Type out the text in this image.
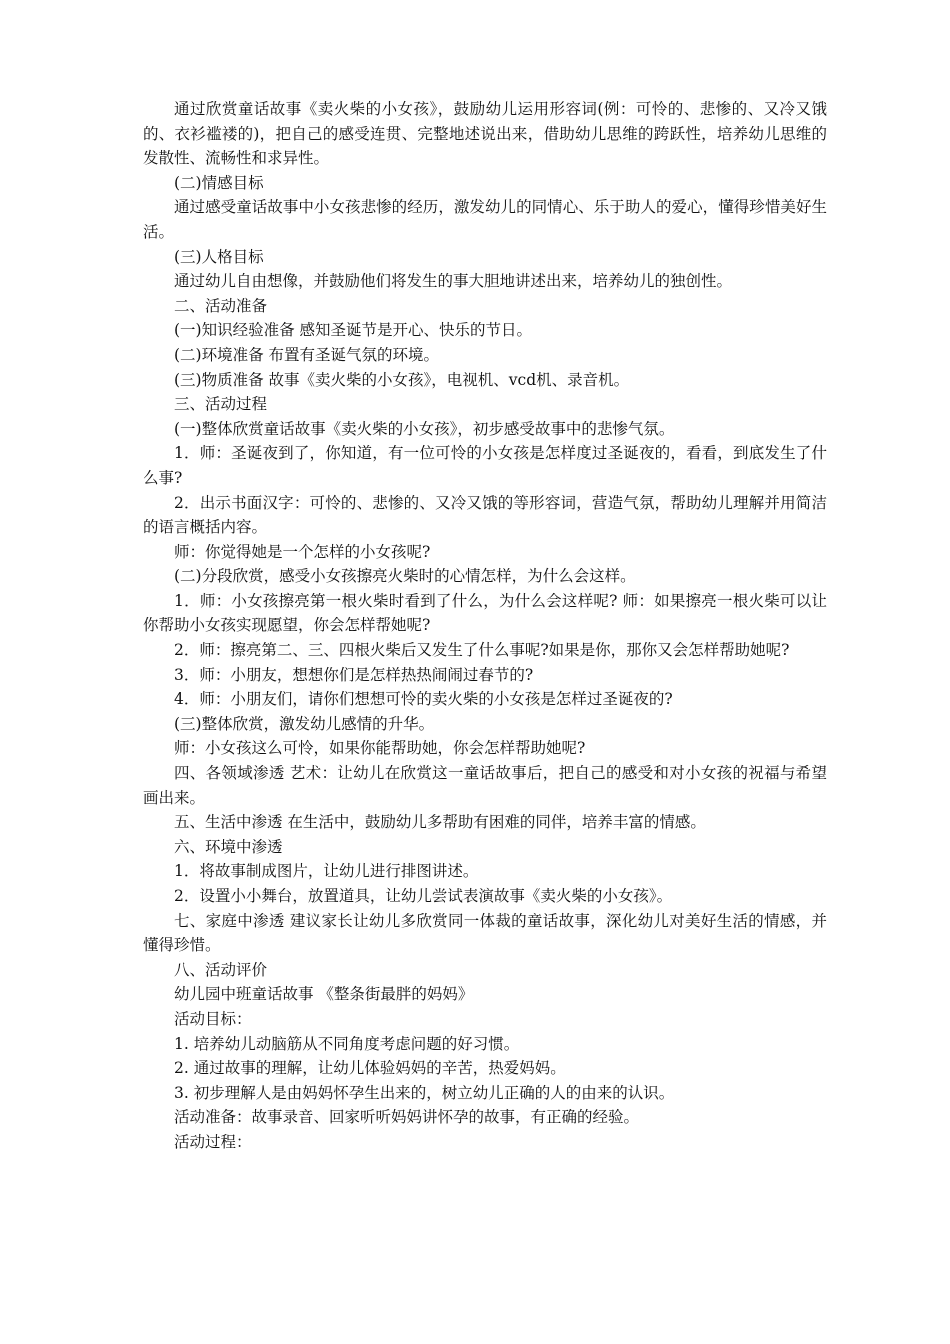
通过欣赏童话故事《卖火柴的小女孩》，鼓励幼儿运用形容词(例：可怜的、悲惨的、又冷又饿的、衣衫褴褛的)，把自己的感受连贯、完整地述说出来，借助幼儿思维的跨跃性，培养幼儿思维的发散性、流畅性和求异性。

(二)情感目标

通过感受童话故事中小女孩悲惨的经历，激发幼儿的同情心、乐于助人的爱心，懂得珍惜美好生活。

(三)人格目标

通过幼儿自由想像，并鼓励他们将发生的事大胆地讲述出来，培养幼儿的独创性。

二、活动准备

(一)知识经验准备 感知圣诞节是开心、快乐的节日。

(二)环境准备 布置有圣诞气氛的环境。

(三)物质准备 故事《卖火柴的小女孩》，电视机、vcd机、录音机。

三、活动过程

(一)整体欣赏童话故事《卖火柴的小女孩》，初步感受故事中的悲惨气氛。

1．师：圣诞夜到了，你知道，有一位可怜的小女孩是怎样度过圣诞夜的，看看，到底发生了什么事?

2．出示书面汉字：可怜的、悲惨的、又冷又饿的等形容词，营造气氛，帮助幼儿理解并用简洁的语言概括内容。

师：你觉得她是一个怎样的小女孩呢?

(二)分段欣赏，感受小女孩擦亮火柴时的心情怎样，为什么会这样。

1．师：小女孩擦亮第一根火柴时看到了什么，为什么会这样呢? 师：如果擦亮一根火柴可以让你帮助小女孩实现愿望，你会怎样帮她呢?

2．师：擦亮第二、三、四根火柴后又发生了什么事呢?如果是你，那你又会怎样帮助她呢?

3．师：小朋友，想想你们是怎样热热闹闹过春节的?

4．师：小朋友们，请你们想想可怜的卖火柴的小女孩是怎样过圣诞夜的?

(三)整体欣赏，激发幼儿感情的升华。

师：小女孩这么可怜，如果你能帮助她，你会怎样帮助她呢?

四、各领域渗透 艺术：让幼儿在欣赏这一童话故事后，把自己的感受和对小女孩的祝福与希望画出来。

五、生活中渗透 在生活中，鼓励幼儿多帮助有困难的同伴，培养丰富的情感。

六、环境中渗透

1．将故事制成图片，让幼儿进行排图讲述。

2．设置小小舞台，放置道具，让幼儿尝试表演故事《卖火柴的小女孩》。

七、家庭中渗透 建议家长让幼儿多欣赏同一体裁的童话故事，深化幼儿对美好生活的情感，并懂得珍惜。

八、活动评价

幼儿园中班童话故事 《整条街最胖的妈妈》

活动目标：

1. 培养幼儿动脑筋从不同角度考虑问题的好习惯。

2. 通过故事的理解，让幼儿体验妈妈的辛苦，热爱妈妈。

3. 初步理解人是由妈妈怀孕生出来的，树立幼儿正确的人的由来的认识。

活动准备：故事录音、回家听听妈妈讲怀孕的故事，有正确的经验。

活动过程：
